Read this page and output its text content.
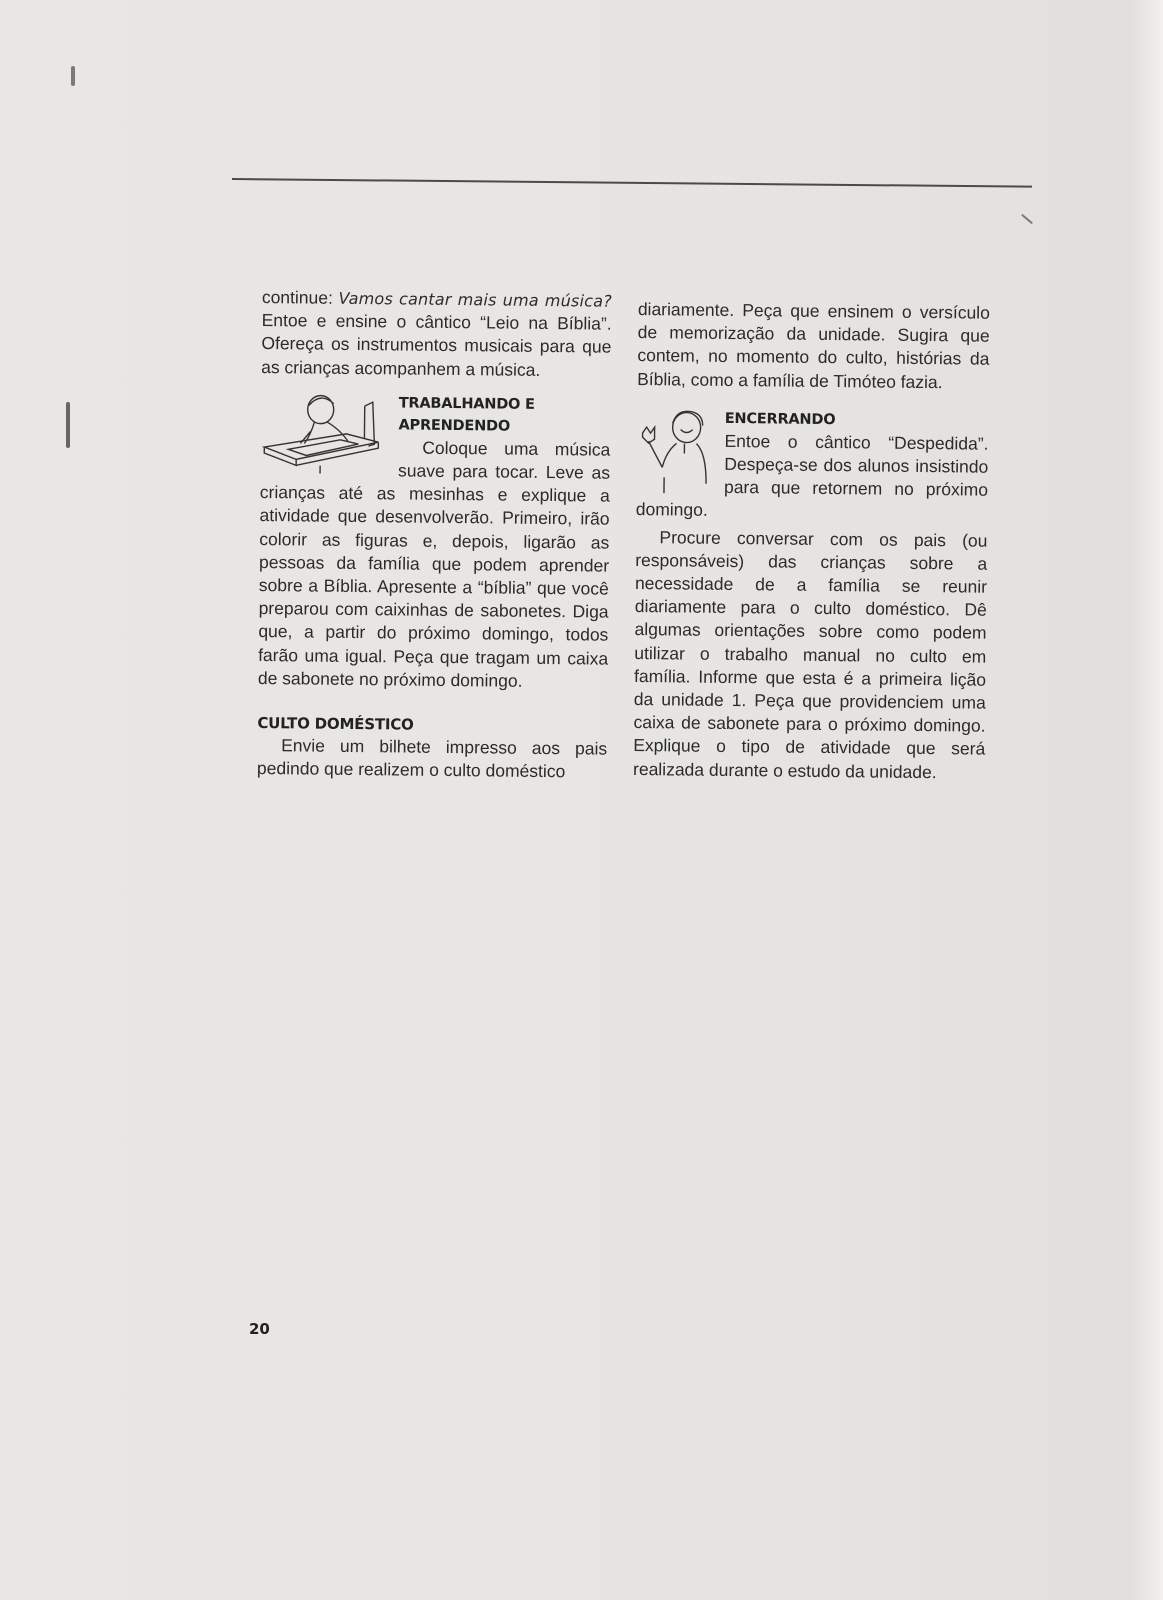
continue: Vamos cantar mais uma música? Entoe e ensine o cântico “Leio na Bíblia”. Ofereça os instrumentos musicais para que as crianças acompanhem a música.

TRABALHANDO E
APRENDENDO

Coloque uma música suave para tocar. Leve as crianças até as mesinhas e explique a atividade que desenvolverão. Primeiro, irão colorir as figuras e, depois, ligarão as pessoas da família que podem aprender sobre a Bíblia. Apresente a “bíblia” que você preparou com caixinhas de sabonetes. Diga que, a partir do próximo domingo, todos farão uma igual. Peça que tragam um caixa de sabonete no próximo domingo.

CULTO DOMÉSTICO

Envie um bilhete impresso aos pais pedindo que realizem o culto doméstico

diariamente. Peça que ensinem o versículo de memorização da unidade. Sugira que contem, no momento do culto, histórias da Bíblia, como a família de Timóteo fazia.

ENCERRANDO

Entoe o cântico “Despedida”. Despeça-se dos alunos insistindo para que retornem no próximo domingo.

Procure conversar com os pais (ou responsáveis) das crianças sobre a necessidade de a família se reunir diariamente para o culto doméstico. Dê algumas orientações sobre como podem utilizar o trabalho manual no culto em família. Informe que esta é a primeira lição da unidade 1. Peça que providenciem uma caixa de sabonete para o próximo domingo. Explique o tipo de atividade que será realizada durante o estudo da unidade.

20
